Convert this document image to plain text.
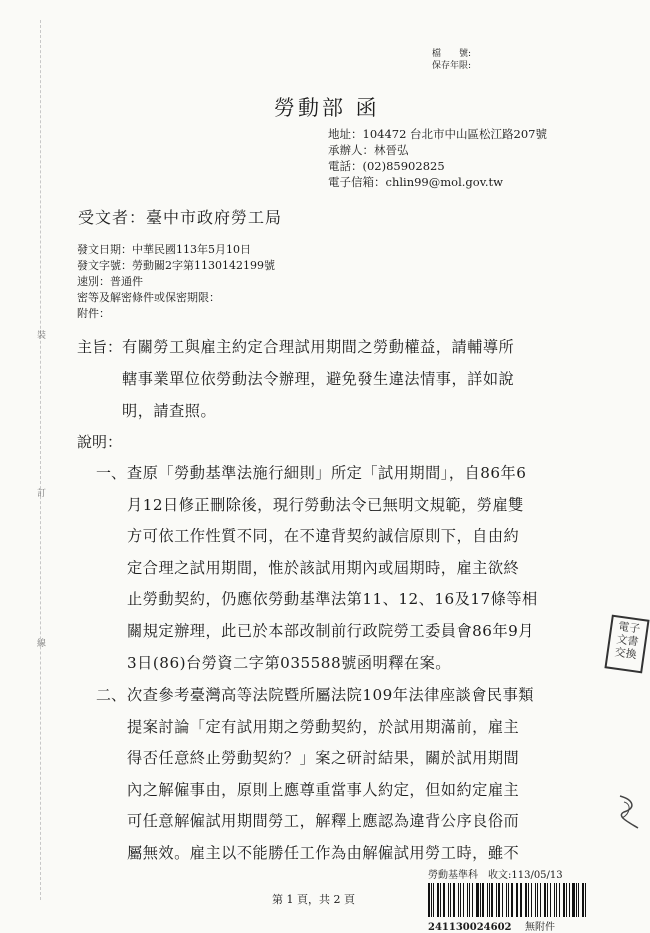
裝
訂
線
檔　　號:
保存年限:
勞動部 函
地址：104472 台北市中山區松江路207號
承辦人：林晉弘
電話：(02)85902825
電子信箱：chlin99@mol.gov.tw
受文者：臺中市政府勞工局
發文日期：中華民國113年5月10日
發文字號：勞動關2字第1130142199號
速別：普通件
密等及解密條件或保密期限：
附件：
主旨： 有關勞工與雇主約定合理試用期間之勞動權益，請輔導所
轄事業單位依勞動法令辦理，避免發生違法情事，詳如說
明，請查照。
說明：
一、 查原「勞動基準法施行細則」所定「試用期間」，自86年6
月12日修正刪除後，現行勞動法令已無明文規範，勞雇雙
方可依工作性質不同，在不違背契約誠信原則下，自由約
定合理之試用期間，惟於該試用期內或屆期時，雇主欲終
止勞動契約，仍應依勞動基準法第11、12、16及17條等相
關規定辦理，此已於本部改制前行政院勞工委員會86年9月
3日(86)台勞資二字第035588號函明釋在案。
二、 次查參考臺灣高等法院暨所屬法院109年法律座談會民事類
提案討論「定有試用期之勞動契約，於試用期滿前，雇主
得否任意終止勞動契約？」案之研討結果，關於試用期間
內之解僱事由，原則上應尊重當事人約定，但如約定雇主
可任意解僱試用期間勞工，解釋上應認為違背公序良俗而
屬無效。雇主以不能勝任工作為由解僱試用勞工時，雖不
電子
文書
交換
勞動基準科　收文:113/05/13
241130024602 無附件
第 1 頁，共 2 頁
